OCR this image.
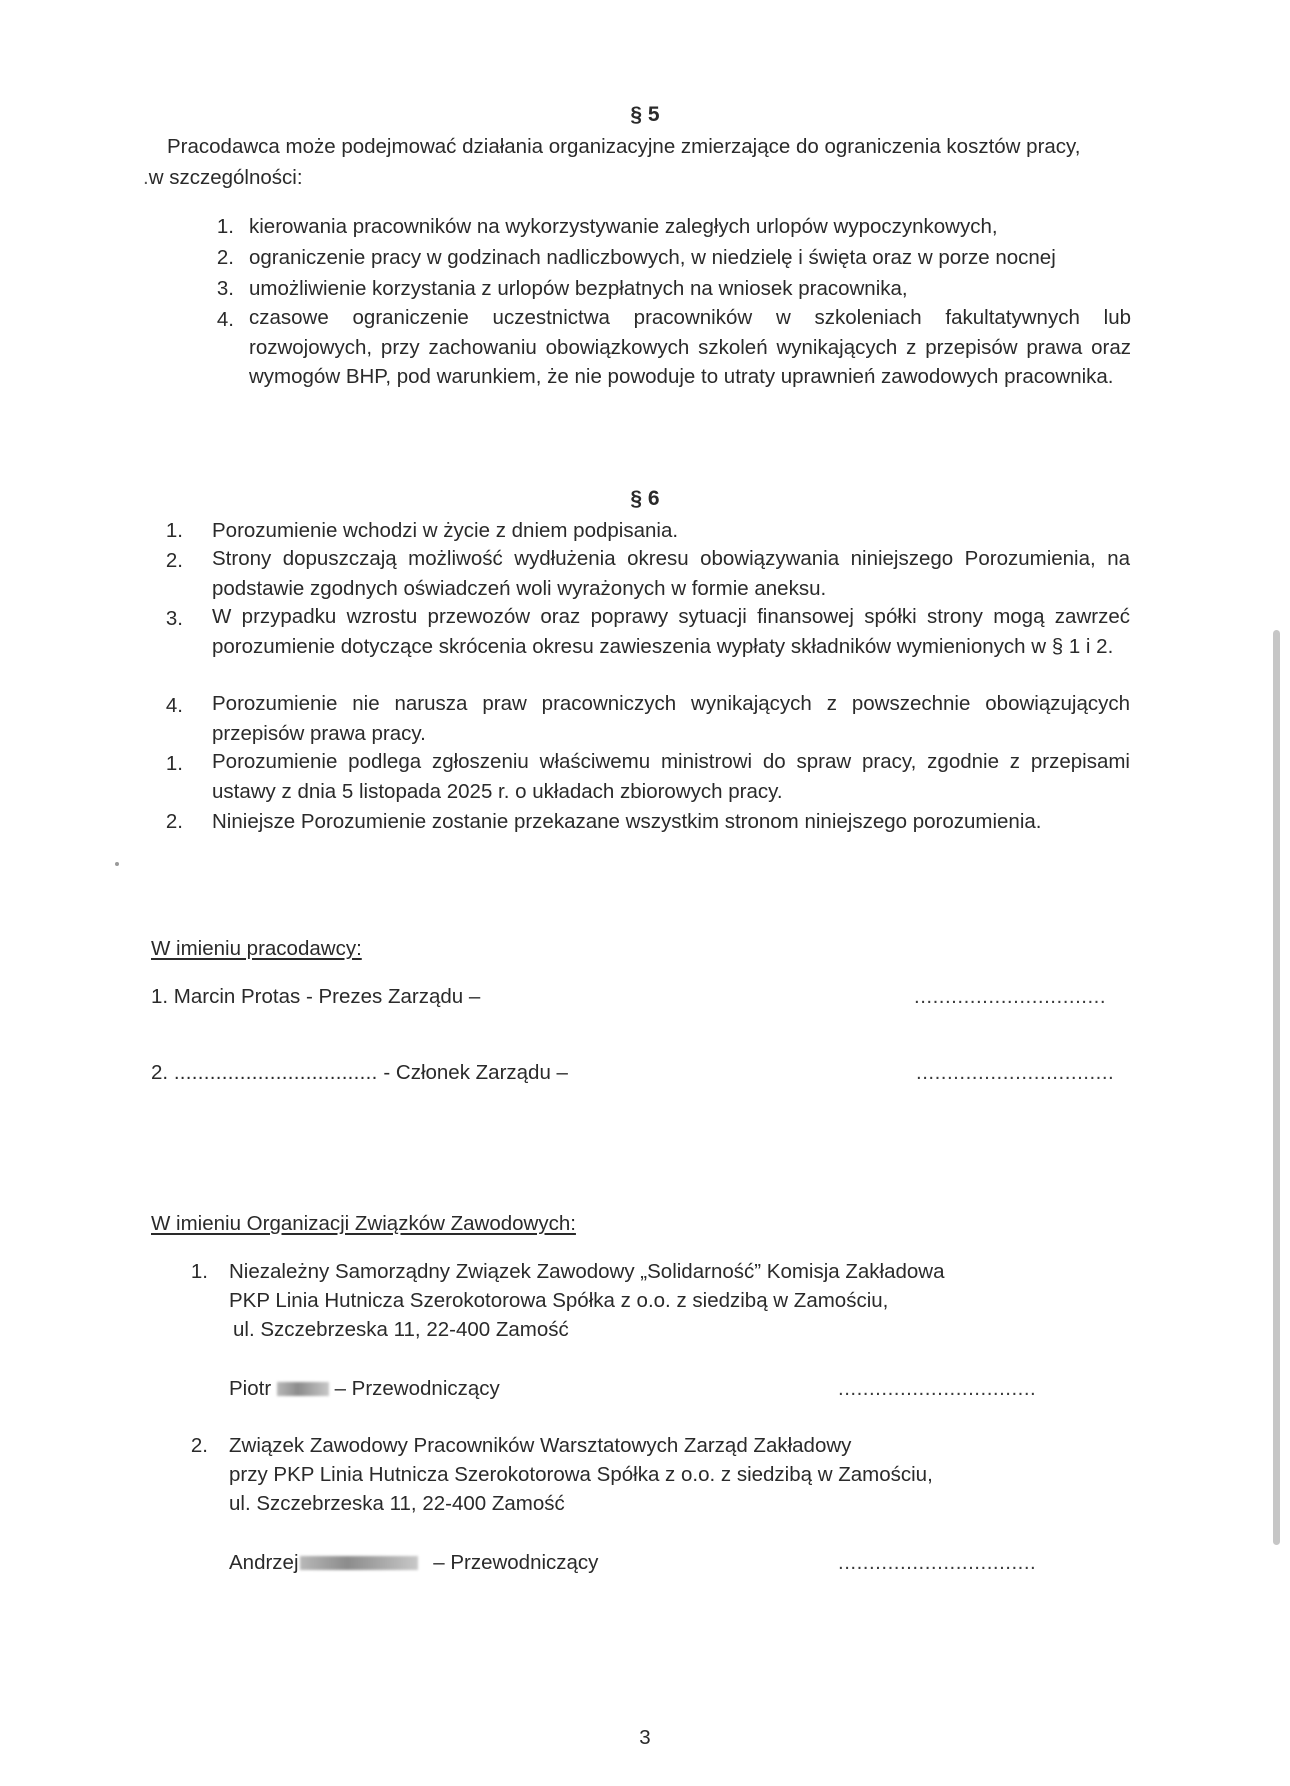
§ 5
Pracodawca może podejmować działania organizacyjne zmierzające do ograniczenia kosztów pracy,
.w szczególności:
1. kierowania pracowników na wykorzystywanie zaległych urlopów wypoczynkowych,
2. ograniczenie pracy w godzinach nadliczbowych, w niedzielę i święta oraz w porze nocnej
3. umożliwienie korzystania z urlopów bezpłatnych na wniosek pracownika,
4. czasowe ograniczenie uczestnictwa pracowników w szkoleniach fakultatywnych lub rozwojowych, przy zachowaniu obowiązkowych szkoleń wynikających z przepisów prawa oraz wymogów BHP, pod warunkiem, że nie powoduje to utraty uprawnień zawodowych pracownika.
§ 6
1. Porozumienie wchodzi w życie z dniem podpisania.
2. Strony dopuszczają możliwość wydłużenia okresu obowiązywania niniejszego Porozumienia, na podstawie zgodnych oświadczeń woli wyrażonych w formie aneksu.
3. W przypadku wzrostu przewozów oraz poprawy sytuacji finansowej spółki strony mogą zawrzeć porozumienie dotyczące skrócenia okresu zawieszenia wypłaty składników wymienionych w § 1 i 2.
4. Porozumienie nie narusza praw pracowniczych wynikających z powszechnie obowiązujących przepisów prawa pracy.
1. Porozumienie podlega zgłoszeniu właściwemu ministrowi do spraw pracy, zgodnie z przepisami ustawy z dnia 5 listopada 2025 r. o układach zbiorowych pracy.
2. Niniejsze Porozumienie zostanie przekazane wszystkim stronom niniejszego porozumienia.
W imieniu pracodawcy:
1. Marcin Protas - Prezes Zarządu –	...............................
2. .................................. - Członek Zarządu –	................................
W imieniu Organizacji Związków Zawodowych:
1. Niezależny Samorządny Związek Zawodowy „Solidarność” Komisja Zakładowa
PKP Linia Hutnicza Szerokotorowa Spółka z o.o. z siedzibą w Zamościu,
ul. Szczebrzeska 11, 22-400 Zamość
Piotr	– Przewodniczący	................................
2. Związek Zawodowy Pracowników Warsztatowych Zarząd Zakładowy
przy PKP Linia Hutnicza Szerokotorowa Spółka z o.o. z siedzibą w Zamościu,
ul. Szczebrzeska 11, 22-400 Zamość
Andrzej	– Przewodniczący	................................
3
